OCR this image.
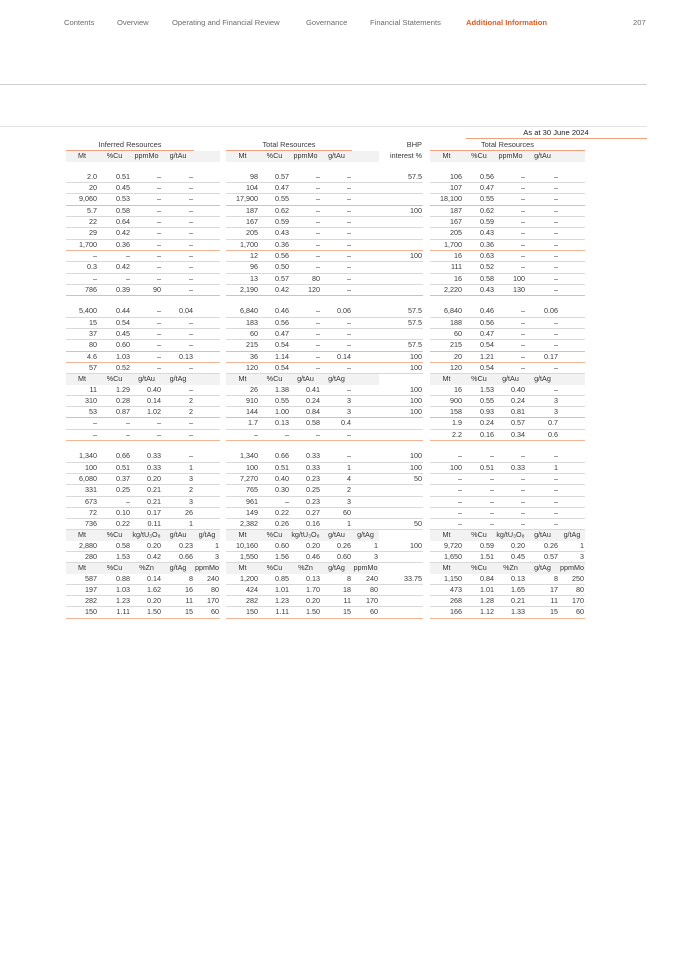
Contents	Overview	Operating and Financial Review	Governance	Financial Statements	Additional Information	207
As at 30 June 2024
	Inferred Resources						Total Resources					BHP		Total Resources				
	Mt	%Cu	ppmMo	g/tAu			Mt	%Cu	ppmMo	g/tAu		interest %		Mt	%Cu	ppmMo	g/tAu	

	2.0	0.51	–	–			98	0.57	–	–		57.5		106	0.56	–	–	
	20	0.45	–	–			104	0.47	–	–				107	0.47	–	–	
	9,060	0.53	–	–			17,900	0.55	–	–				18,100	0.55	–	–	
	5.7	0.58	–	–			187	0.62	–	–		100		187	0.62	–	–	
	22	0.64	–	–			167	0.59	–	–				167	0.59	–	–	
	29	0.42	–	–			205	0.43	–	–				205	0.43	–	–	
	1,700	0.36	–	–			1,700	0.36	–	–				1,700	0.36	–	–	
	–	–	–	–			12	0.56	–	–		100		16	0.63	–	–	
	0.3	0.42	–	–			96	0.50	–	–				111	0.52	–	–	
	–	–	–	–			13	0.57	80	–				16	0.58	100	–	
	786	0.39	90	–			2,190	0.42	120	–				2,220	0.43	130	–	

	5,400	0.44	–	0.04			6,840	0.46	–	0.06		57.5		6,840	0.46	–	0.06	
	15	0.54	–	–			183	0.56	–	–		57.5		188	0.56	–	–	
	37	0.45	–	–			60	0.47	–	–				60	0.47	–	–	
	80	0.60	–	–			215	0.54	–	–		57.5		215	0.54	–	–	
	4.6	1.03	–	0.13			36	1.14	–	0.14		100		20	1.21	–	0.17	
	57	0.52	–	–			120	0.54	–	–		100		120	0.54	–	–	
	Mt	%Cu	g/tAu	g/tAg			Mt	%Cu	g/tAu	g/tAg				Mt	%Cu	g/tAu	g/tAg	
	11	1.29	0.40	–			26	1.38	0.41	–		100		16	1.53	0.40	–	
	310	0.28	0.14	2			910	0.55	0.24	3		100		900	0.55	0.24	3	
	53	0.87	1.02	2			144	1.00	0.84	3		100		158	0.93	0.81	3	
	–	–	–	–			1.7	0.13	0.58	0.4				1.9	0.24	0.57	0.7	
	–	–	–	–			–	–	–	–				2.2	0.16	0.34	0.6	

	1,340	0.66	0.33	–			1,340	0.66	0.33	–		100		–	–	–	–	
	100	0.51	0.33	1			100	0.51	0.33	1		100		100	0.51	0.33	1	
	6,080	0.37	0.20	3			7,270	0.40	0.23	4		50		–	–	–	–	
	331	0.25	0.21	2			765	0.30	0.25	2				–	–	–	–	
	673	–	0.21	3			961	–	0.23	3				–	–	–	–	
	72	0.10	0.17	26			149	0.22	0.27	60				–	–	–	–	
	736	0.22	0.11	1			2,382	0.26	0.16	1		50		–	–	–	–	
	Mt	%Cu	kg/tU₃O₈	g/tAu	g/tAg		Mt	%Cu	kg/tU₃O₈	g/tAu	g/tAg			Mt	%Cu	kg/tU₃O₈	g/tAu	g/tAg
	2,880	0.58	0.20	0.23	1		10,160	0.60	0.20	0.26	1	100		9,720	0.59	0.20	0.26	1
	280	1.53	0.42	0.66	3		1,550	1.56	0.46	0.60	3			1,650	1.51	0.45	0.57	3
	Mt	%Cu	%Zn	g/tAg	ppmMo		Mt	%Cu	%Zn	g/tAg	ppmMo			Mt	%Cu	%Zn	g/tAg	ppmMo
	587	0.88	0.14	8	240		1,200	0.85	0.13	8	240	33.75		1,150	0.84	0.13	8	250
	197	1.03	1.62	16	80		424	1.01	1.70	18	80			473	1.01	1.65	17	80
	282	1.23	0.20	11	170		282	1.23	0.20	11	170			268	1.28	0.21	11	170
	150	1.11	1.50	15	60		150	1.11	1.50	15	60			166	1.12	1.33	15	60
